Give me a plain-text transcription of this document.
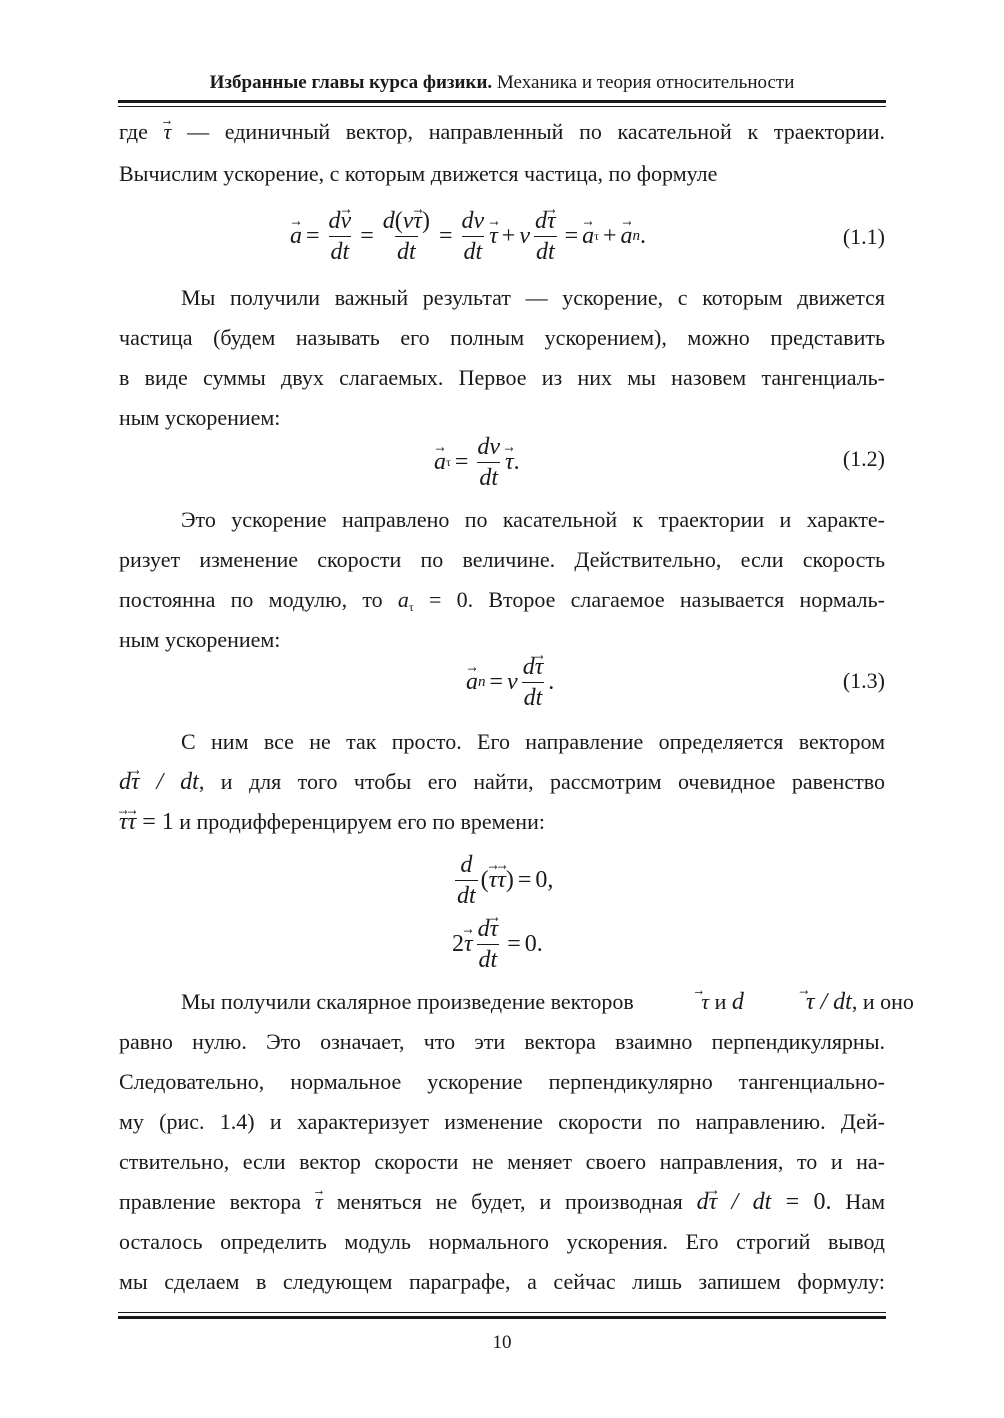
Избранные главы курса физики. Механика и теория относительности
где → τ — единичный вектор, направленный по касательной к траектории.
Вычислим ускорение, с которым движется частица, по формуле
→ $a = \frac{d\to v}{dt} = \frac{d(v\to \tau)}{dt} = \frac{dv}{dt}$
→ τ + v $\frac{d\to \tau}{dt}$ =
→ a τ +
→ a n .	(1.1)
Мы получили важный результат — ускорение, с которым движется
частица (будем называть его полным ускорением), можно представить
в виде суммы двух слагаемых. Первое из них мы назовем тангенциаль-
ным ускорением:
→ a $\tau = \frac{dv}{dt}$
→ τ .	(1.2)
Это ускорение направлено по касательной к траектории и характе-
ризует изменение скорости по величине. Действительно, если скорость
постоянна по модулю, то aτ = 0. Второе слагаемое называется нормаль-
ным ускорением:
→ a n = v $\frac{d\to \tau}{dt}$ .	(1.3)
С ним все не так просто. Его направление определяется вектором
d→ τ / dt, и для того чтобы его найти, рассмотрим очевидное равенство
→ τ→ τ = 1 и продифференцируем его по времени:
$\frac{d}{dt}$ (
→ τ
→ τ ) = 0,
2
→ τ $\frac{d\to \tau}{dt} = 0$.
Мы получили скалярное произведение векторов →	τ и d→	τ / dt, и оно
равно нулю. Это означает, что эти вектора взаимно перпендикулярны.
Следовательно, нормальное ускорение перпендикулярно тангенциально-
му (рис. 1.4) и характеризует изменение скорости по направлению. Дей-
ствительно, если вектор скорости не меняет своего направления, то и на-
правление вектора → τ меняться не будет, и производная d→ τ / dt = 0. Нам
осталось определить модуль нормального ускорения. Его строгий вывод
мы сделаем в следующем параграфе, а сейчас лишь запишем формулу:
10
